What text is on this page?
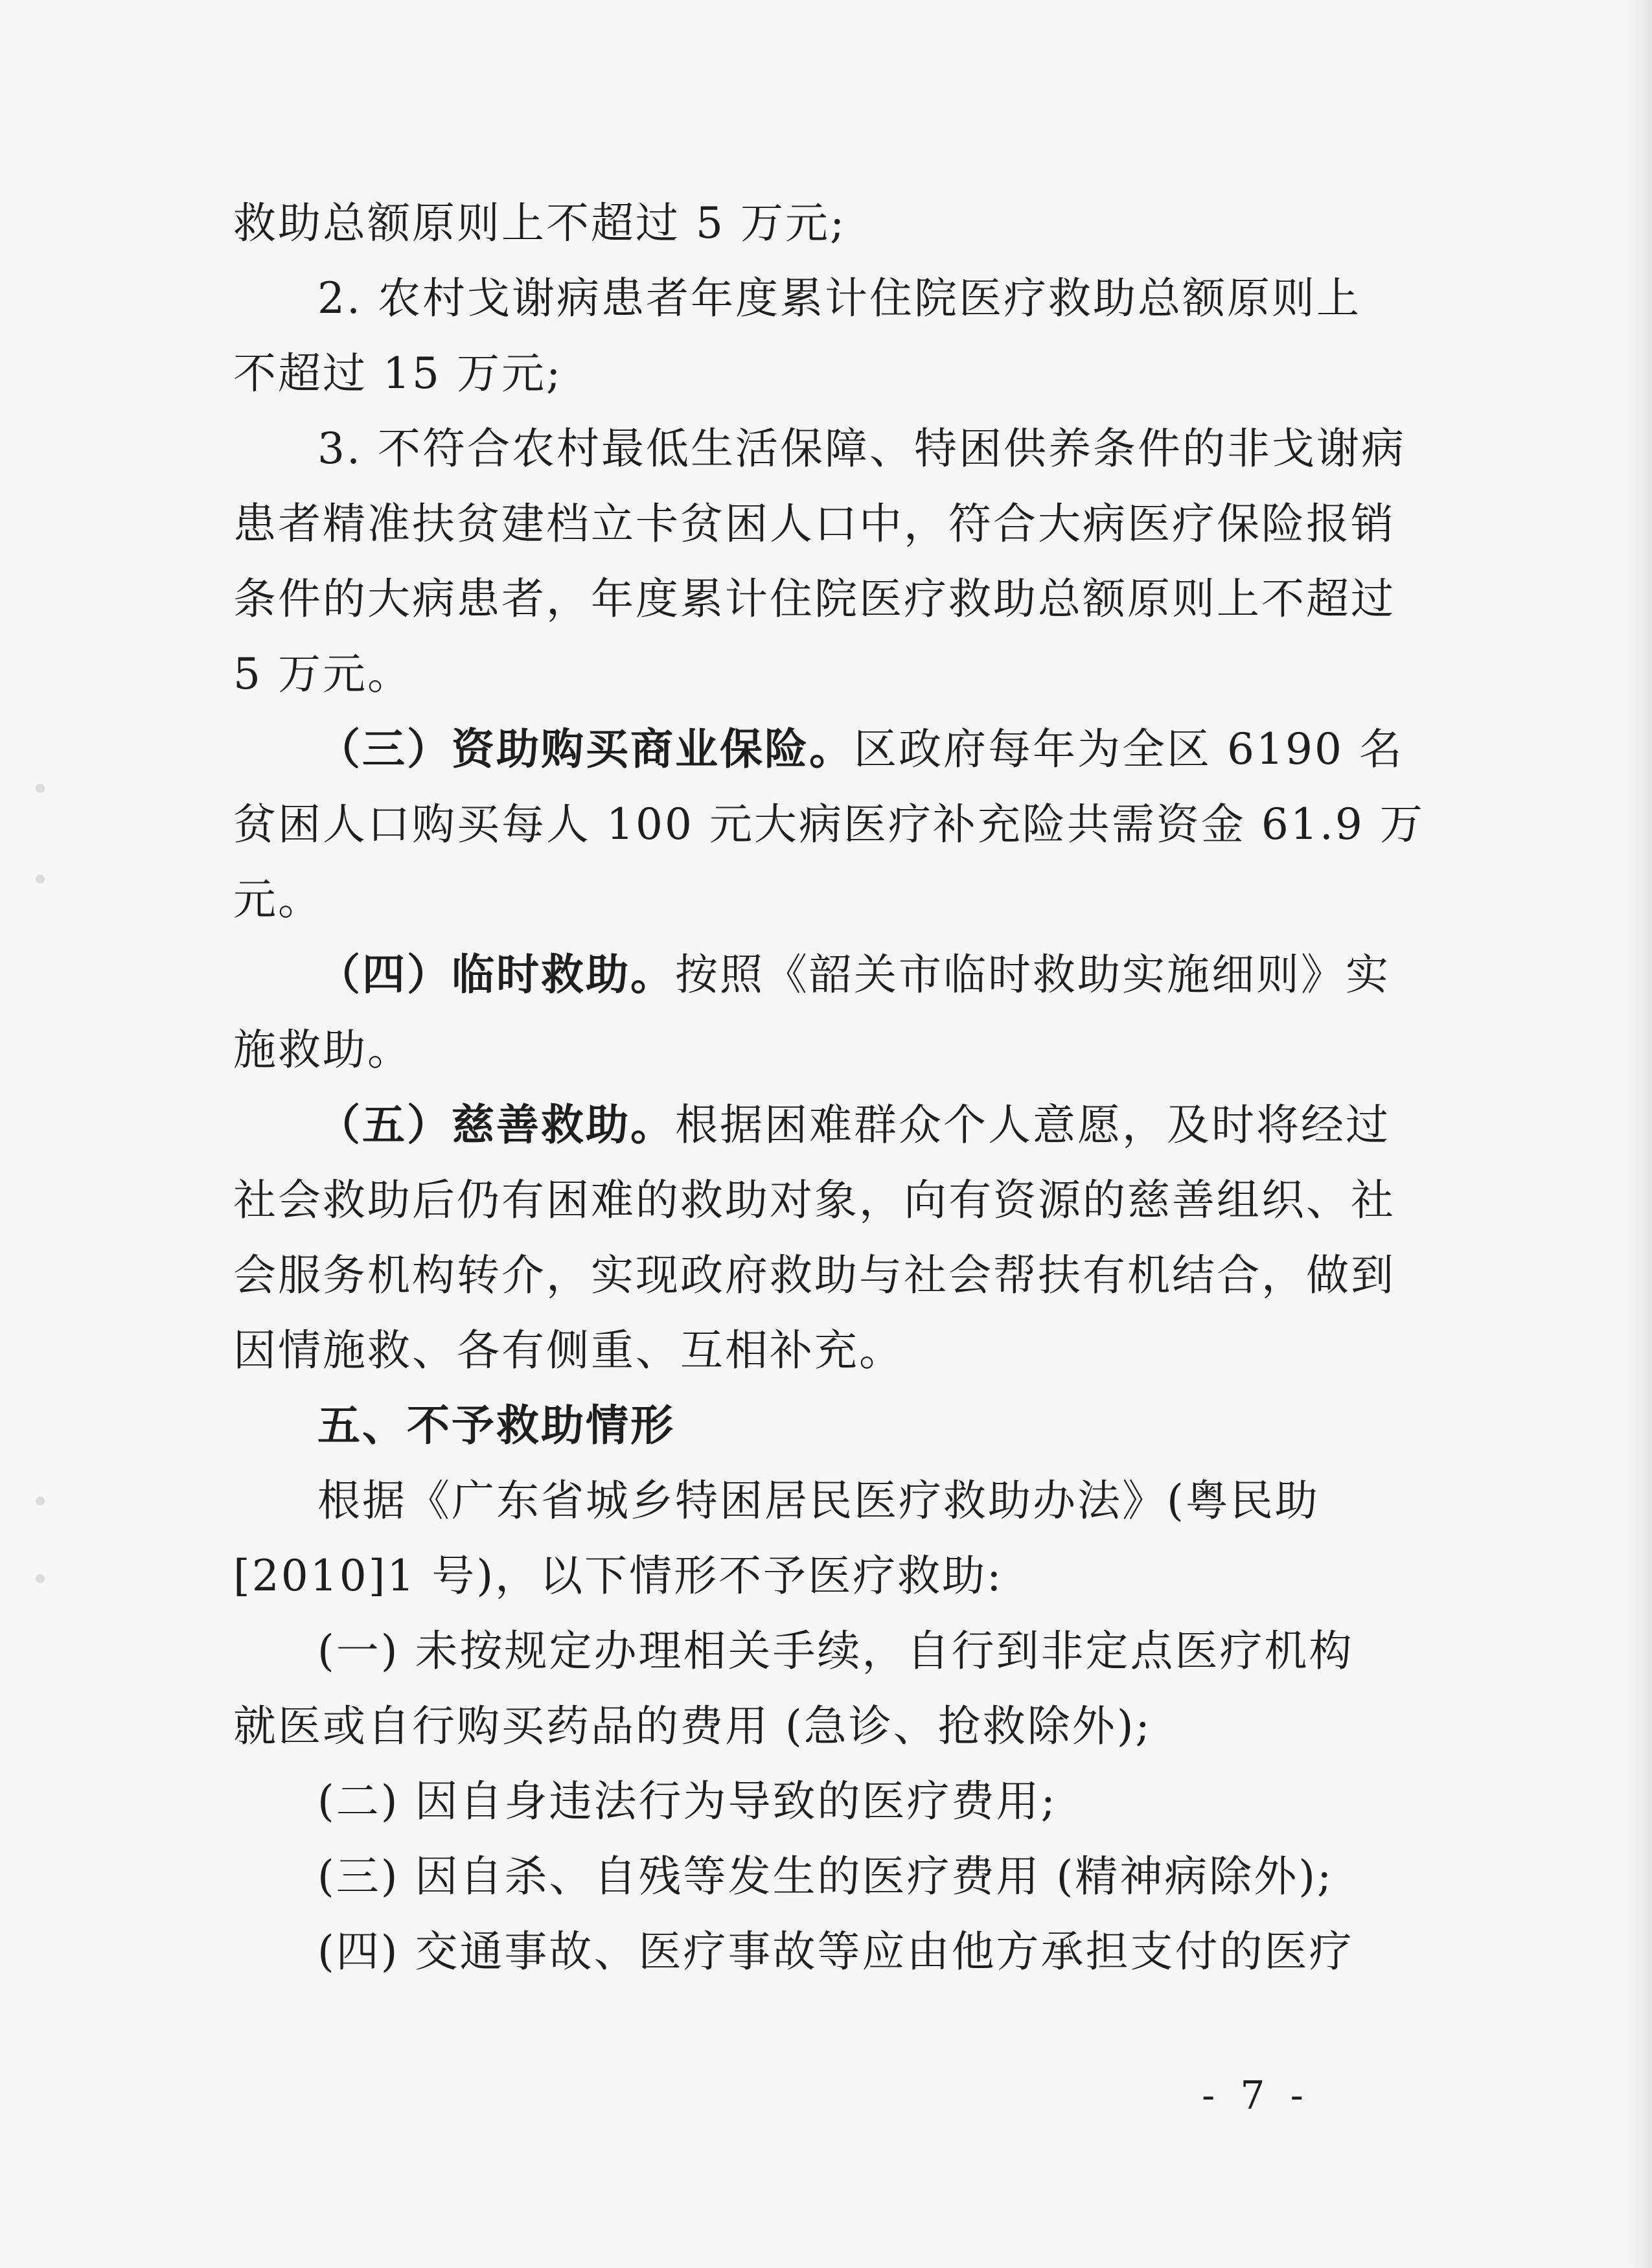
救助总额原则上不超过 5 万元;
2. 农村戈谢病患者年度累计住院医疗救助总额原则上
不超过 15 万元;
3. 不符合农村最低生活保障、特困供养条件的非戈谢病
患者精准扶贫建档立卡贫困人口中，符合大病医疗保险报销
条件的大病患者，年度累计住院医疗救助总额原则上不超过
5 万元。
（三）资助购买商业保险。区政府每年为全区 6190 名
贫困人口购买每人 100 元大病医疗补充险共需资金 61.9 万
元。
（四）临时救助。按照《韶关市临时救助实施细则》实
施救助。
（五）慈善救助。根据困难群众个人意愿，及时将经过
社会救助后仍有困难的救助对象，向有资源的慈善组织、社
会服务机构转介，实现政府救助与社会帮扶有机结合，做到
因情施救、各有侧重、互相补充。
五、不予救助情形
根据《广东省城乡特困居民医疗救助办法》(粤民助
[2010]1 号)，以下情形不予医疗救助:
(一) 未按规定办理相关手续，自行到非定点医疗机构
就医或自行购买药品的费用 (急诊、抢救除外);
(二) 因自身违法行为导致的医疗费用;
(三) 因自杀、自残等发生的医疗费用 (精神病除外);
(四) 交通事故、医疗事故等应由他方承担支付的医疗
- 7 -
